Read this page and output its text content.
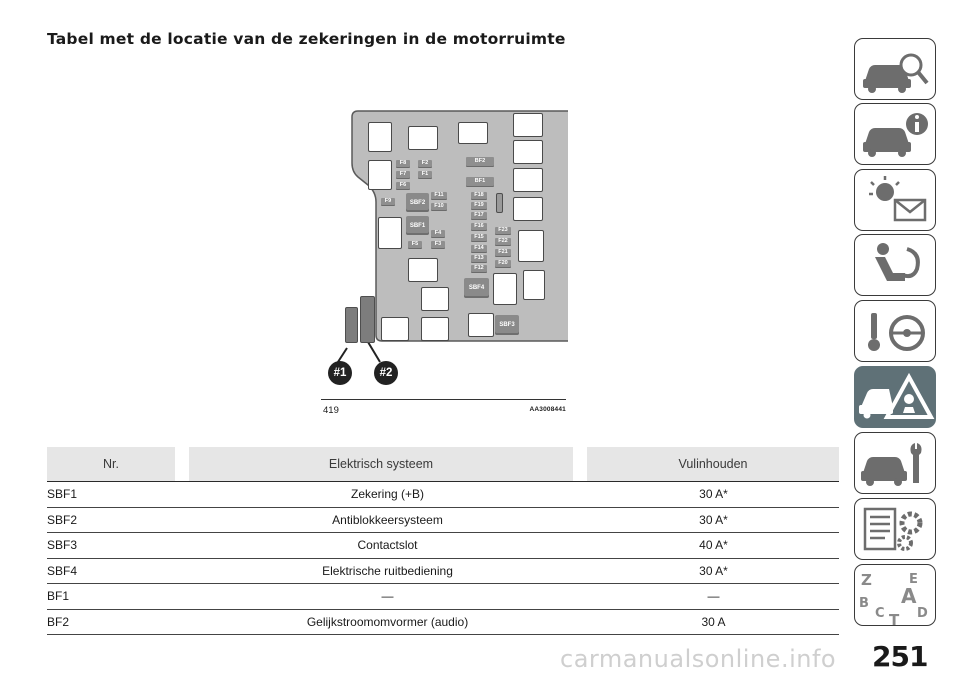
Tabel met de locatie van de zekeringen in de motorruimte
F8	F2
F7	F1
F6
F9
F11
F10
F4
F5	F3
BF2
BF1
F18
F19
F17
F16
F15
F14
F13
F12
F23
F22
F21
F20
SBF2
SBF1
SBF4
SBF3
#1	#2
419	AA3008441
Nr.	Elektrisch systeem	Vulinhouden
SBF1	Zekering (+B)	30 A*
SBF2	Antiblokkeersysteem	30 A*
SBF3	Contactslot	40 A*
SBF4	Elektrische ruitbediening	30 A*
BF1	—	—
BF2	Gelijkstroomomvormer (audio)	30 A
Z	E
B A
C T D
carmanualsonline.info 251
